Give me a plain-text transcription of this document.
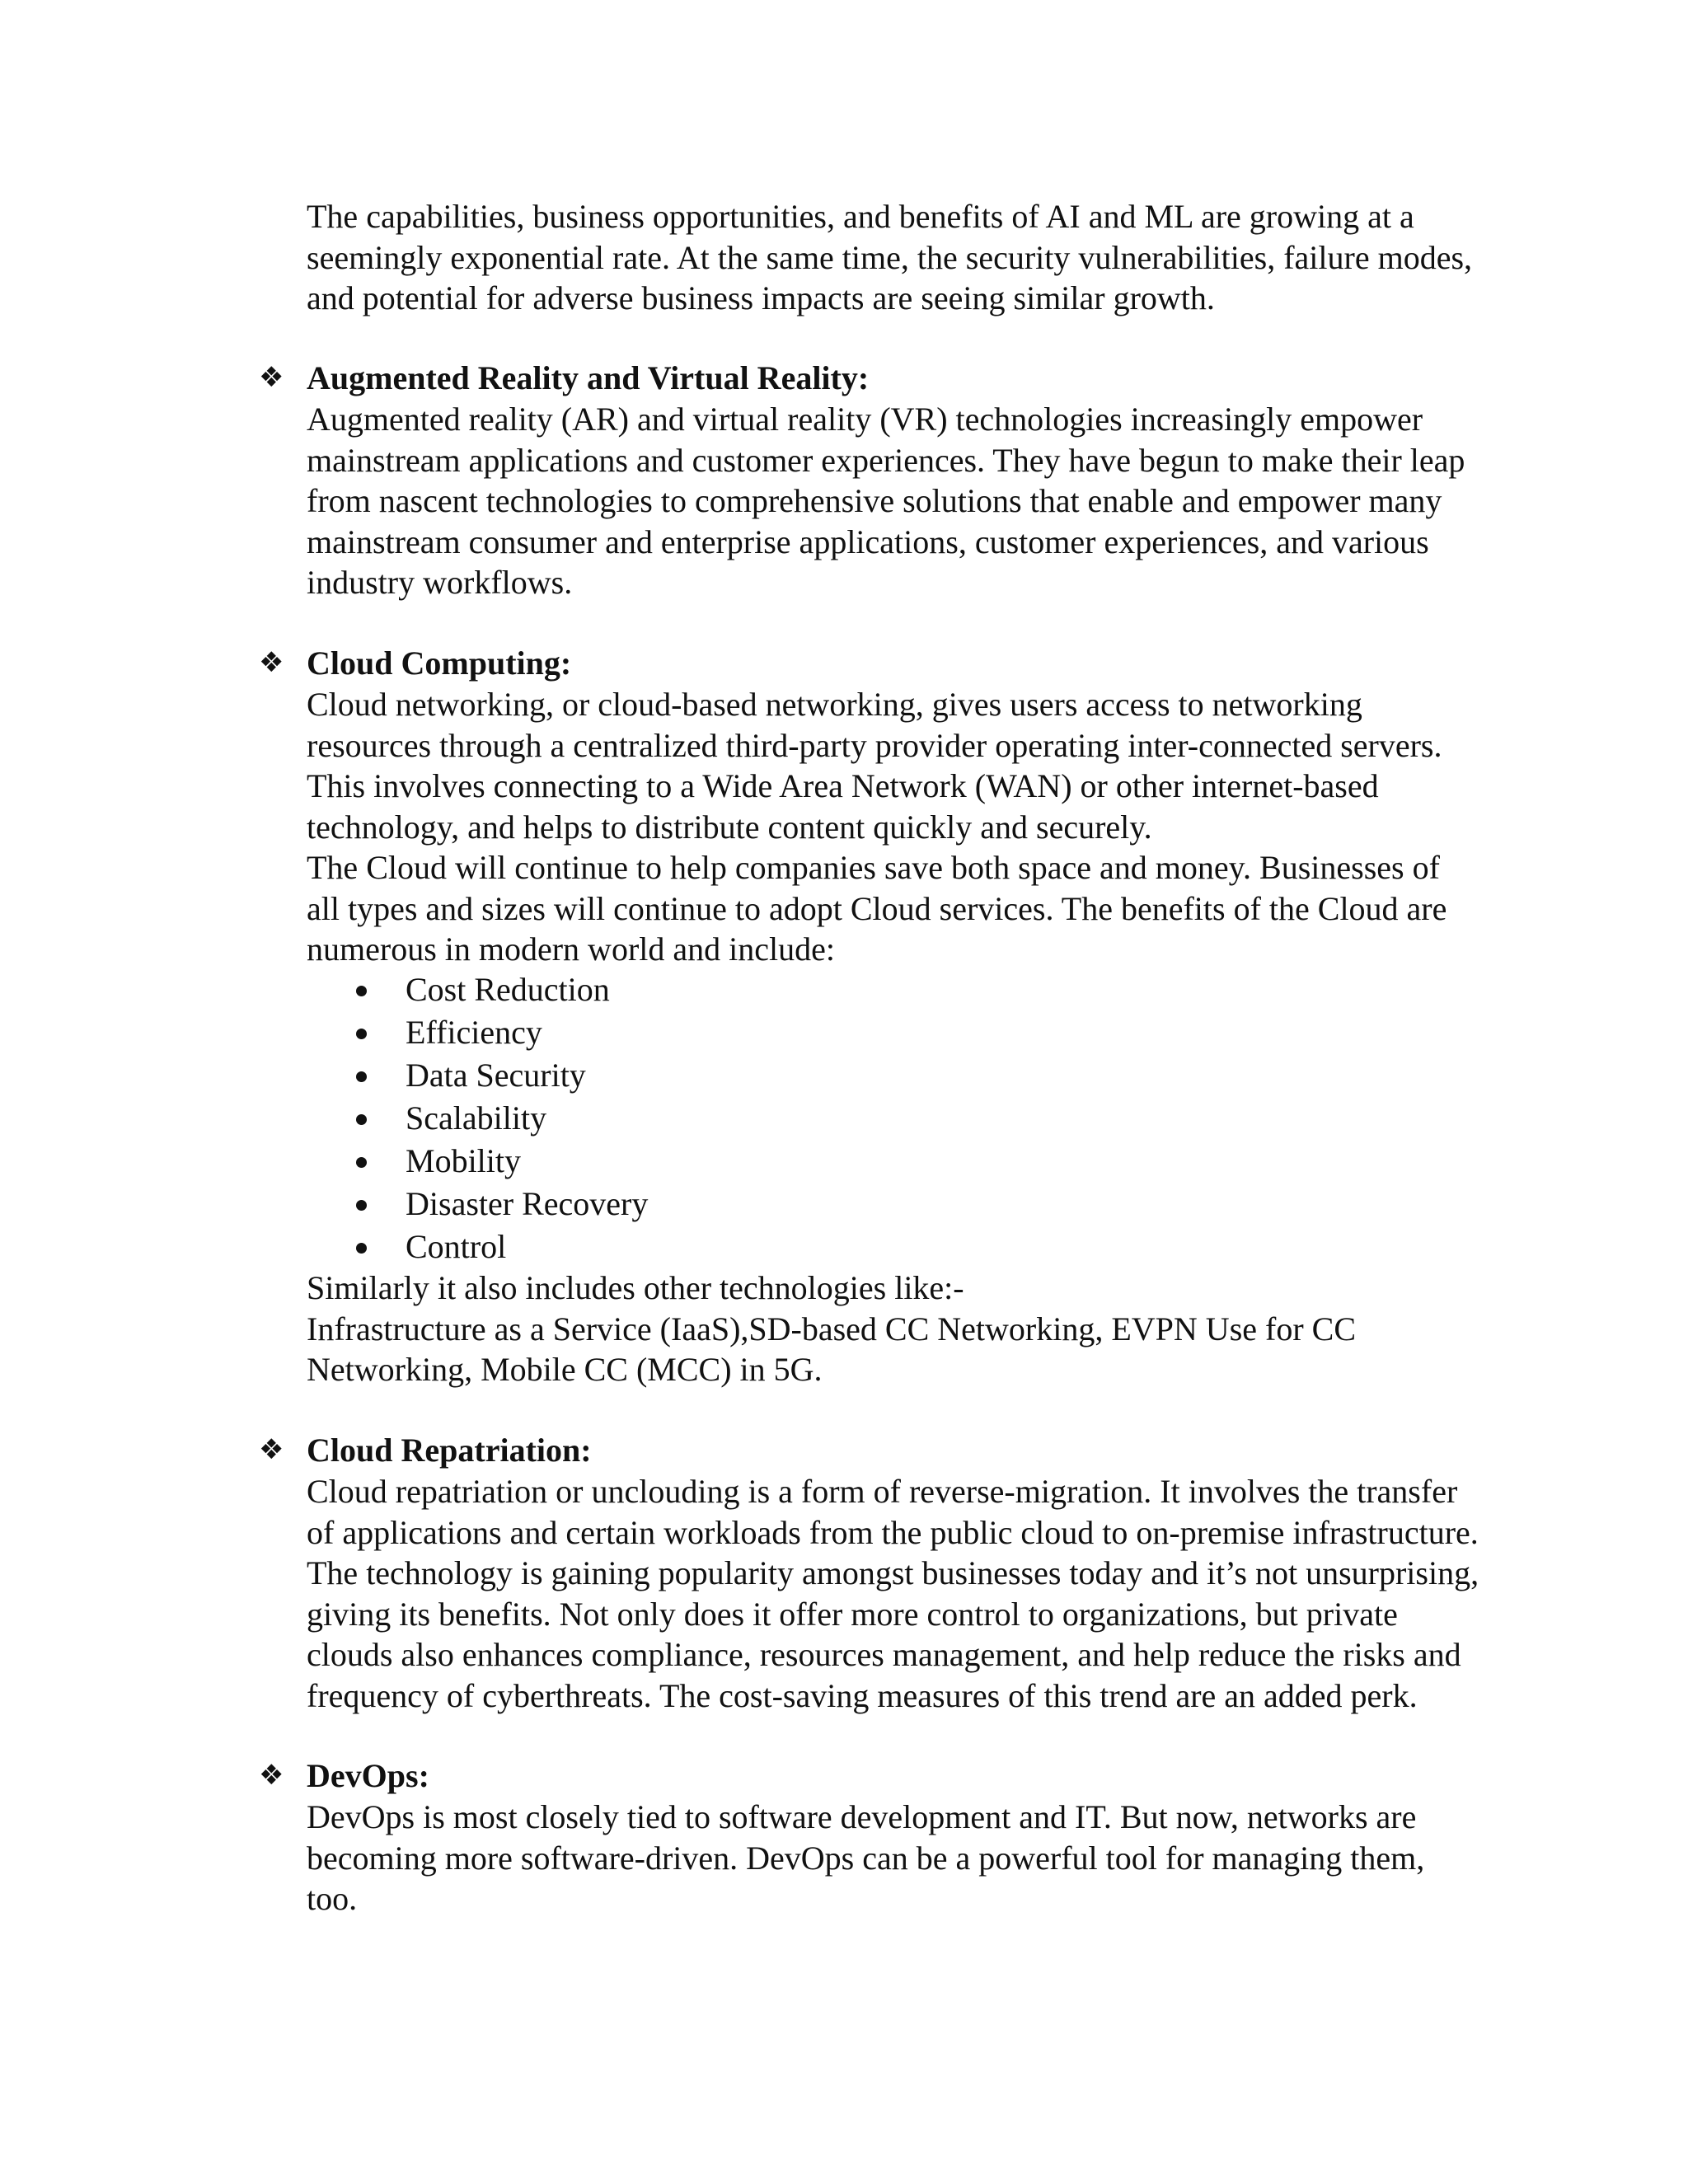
The capabilities, business opportunities, and benefits of AI and ML are growing at a
seemingly exponential rate. At the same time, the security vulnerabilities, failure modes,
and potential for adverse business impacts are seeing similar growth.

❖ Augmented Reality and Virtual Reality:

Augmented reality (AR) and virtual reality (VR) technologies increasingly empower
mainstream applications and customer experiences. They have begun to make their leap
from nascent technologies to comprehensive solutions that enable and empower many
mainstream consumer and enterprise applications, customer experiences, and various
industry workflows.

❖ Cloud Computing:

Cloud networking, or cloud-based networking, gives users access to networking
resources through a centralized third-party provider operating inter-connected servers.
This involves connecting to a Wide Area Network (WAN) or other internet-based
technology, and helps to distribute content quickly and securely.
The Cloud will continue to help companies save both space and money. Businesses of
all types and sizes will continue to adopt Cloud services. The benefits of the Cloud are
numerous in modern world and include:

Cost Reduction
Efficiency
Data Security
Scalability
Mobility
Disaster Recovery
Control

Similarly it also includes other technologies like:-
Infrastructure as a Service (IaaS),SD-based CC Networking, EVPN Use for CC
Networking, Mobile CC (MCC) in 5G.

❖ Cloud Repatriation:

Cloud repatriation or unclouding is a form of reverse-migration. It involves the transfer
of applications and certain workloads from the public cloud to on-premise infrastructure.
The technology is gaining popularity amongst businesses today and it’s not unsurprising,
giving its benefits. Not only does it offer more control to organizations, but private
clouds also enhances compliance, resources management, and help reduce the risks and
frequency of cyberthreats. The cost-saving measures of this trend are an added perk.

❖ DevOps:

DevOps is most closely tied to software development and IT. But now, networks are
becoming more software-driven. DevOps can be a powerful tool for managing them,
too.
